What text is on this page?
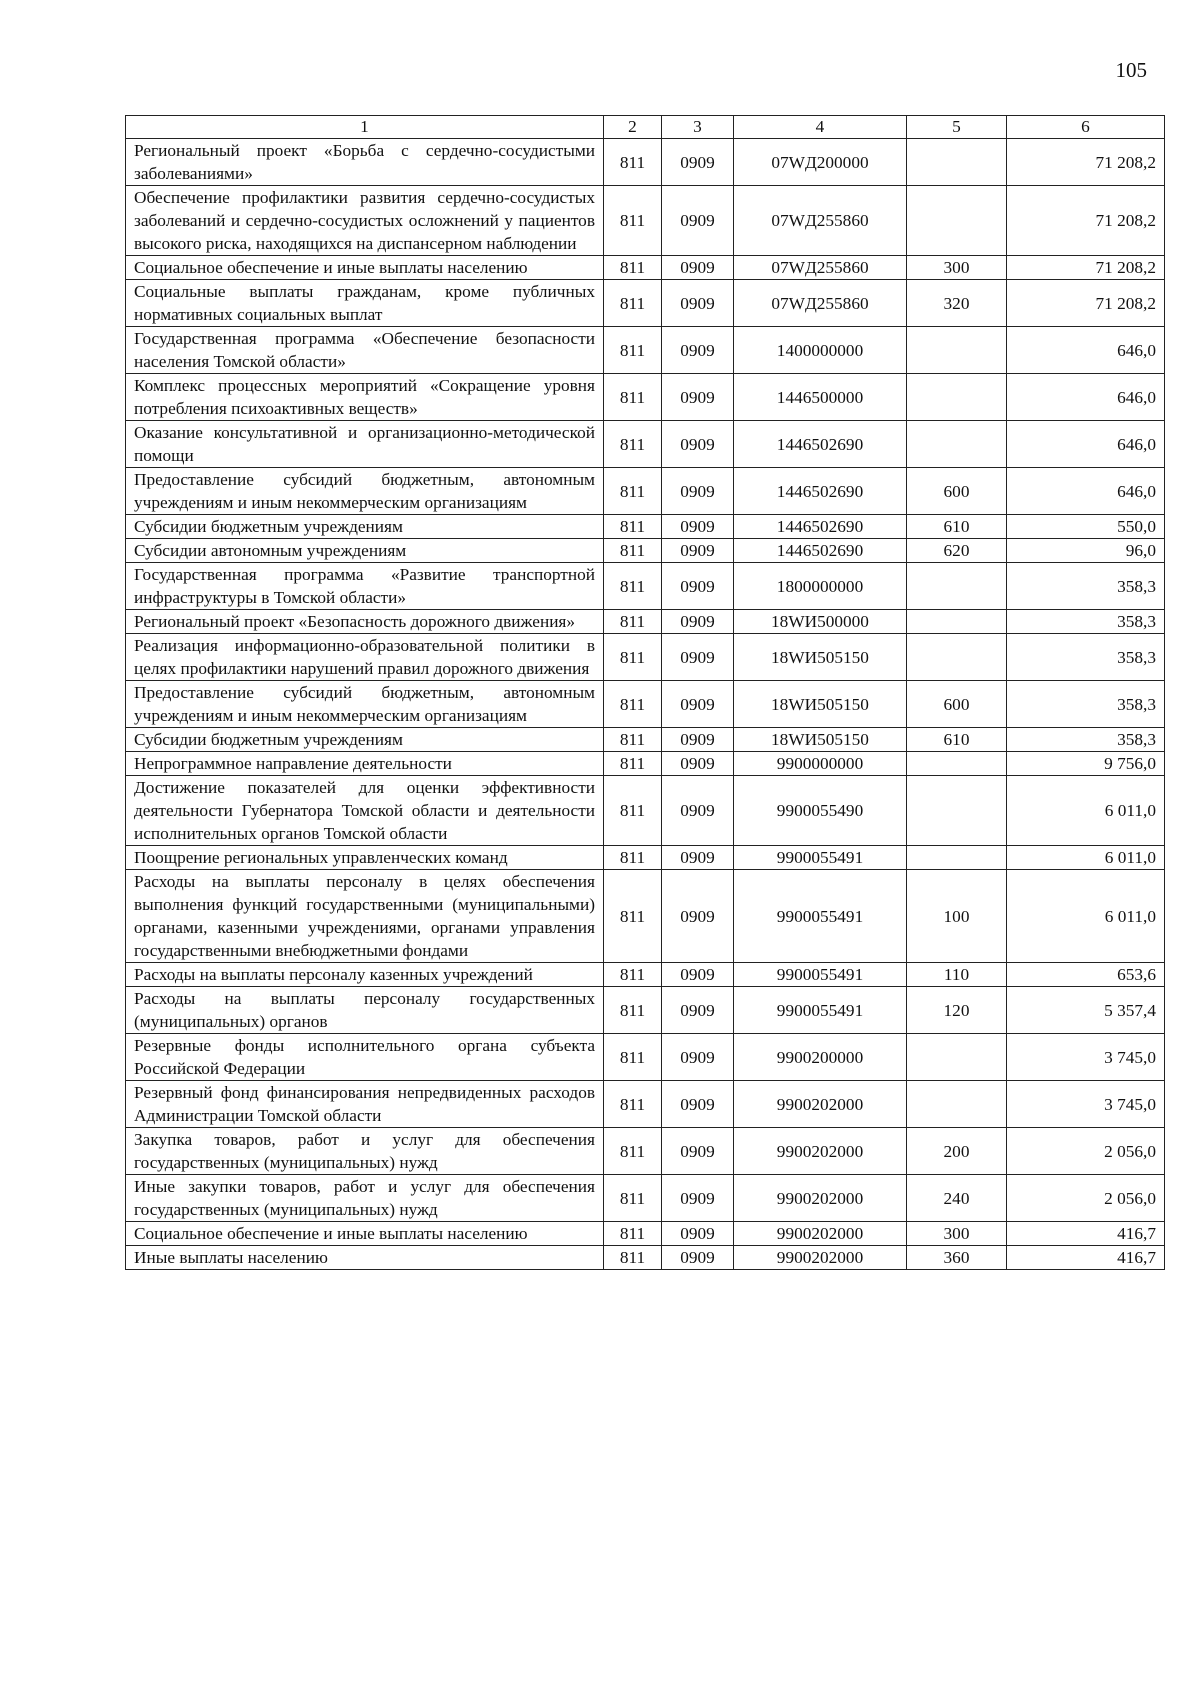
105
1	2	3	4	5	6
Региональный проект «Борьба с сердечно-сосудистыми заболеваниями»	811	0909	07WД200000		71 208,2
Обеспечение профилактики развития сердечно-сосудистых заболеваний и сердечно-сосудистых осложнений у пациентов высокого риска, находящихся на диспансерном наблюдении	811	0909	07WД255860		71 208,2
Социальное обеспечение и иные выплаты населению	811	0909	07WД255860	300	71 208,2
Социальные выплаты гражданам, кроме публичных нормативных социальных выплат	811	0909	07WД255860	320	71 208,2
Государственная программа «Обеспечение безопасности населения Томской области»	811	0909	1400000000		646,0
Комплекс процессных мероприятий «Сокращение уровня потребления психоактивных веществ»	811	0909	1446500000		646,0
Оказание консультативной и организационно-методической помощи	811	0909	1446502690		646,0
Предоставление субсидий бюджетным, автономным учреждениям и иным некоммерческим организациям	811	0909	1446502690	600	646,0
Субсидии бюджетным учреждениям	811	0909	1446502690	610	550,0
Субсидии автономным учреждениям	811	0909	1446502690	620	96,0
Государственная программа «Развитие транспортной инфраструктуры в Томской области»	811	0909	1800000000		358,3
Региональный проект «Безопасность дорожного движения»	811	0909	18WИ500000		358,3
Реализация информационно-образовательной политики в целях профилактики нарушений правил дорожного движения	811	0909	18WИ505150		358,3
Предоставление субсидий бюджетным, автономным учреждениям и иным некоммерческим организациям	811	0909	18WИ505150	600	358,3
Субсидии бюджетным учреждениям	811	0909	18WИ505150	610	358,3
Непрограммное направление деятельности	811	0909	9900000000		9 756,0
Достижение показателей для оценки эффективности деятельности Губернатора Томской области и деятельности исполнительных органов Томской области	811	0909	9900055490		6 011,0
Поощрение региональных управленческих команд	811	0909	9900055491		6 011,0
Расходы на выплаты персоналу в целях обеспечения выполнения функций государственными (муниципальными) органами, казенными учреждениями, органами управления государственными внебюджетными фондами	811	0909	9900055491	100	6 011,0
Расходы на выплаты персоналу казенных учреждений	811	0909	9900055491	110	653,6
Расходы на выплаты персоналу государственных (муниципальных) органов	811	0909	9900055491	120	5 357,4
Резервные фонды исполнительного органа субъекта Российской Федерации	811	0909	9900200000		3 745,0
Резервный фонд финансирования непредвиденных расходов Администрации Томской области	811	0909	9900202000		3 745,0
Закупка товаров, работ и услуг для обеспечения государственных (муниципальных) нужд	811	0909	9900202000	200	2 056,0
Иные закупки товаров, работ и услуг для обеспечения государственных (муниципальных) нужд	811	0909	9900202000	240	2 056,0
Социальное обеспечение и иные выплаты населению	811	0909	9900202000	300	416,7
Иные выплаты населению	811	0909	9900202000	360	416,7
